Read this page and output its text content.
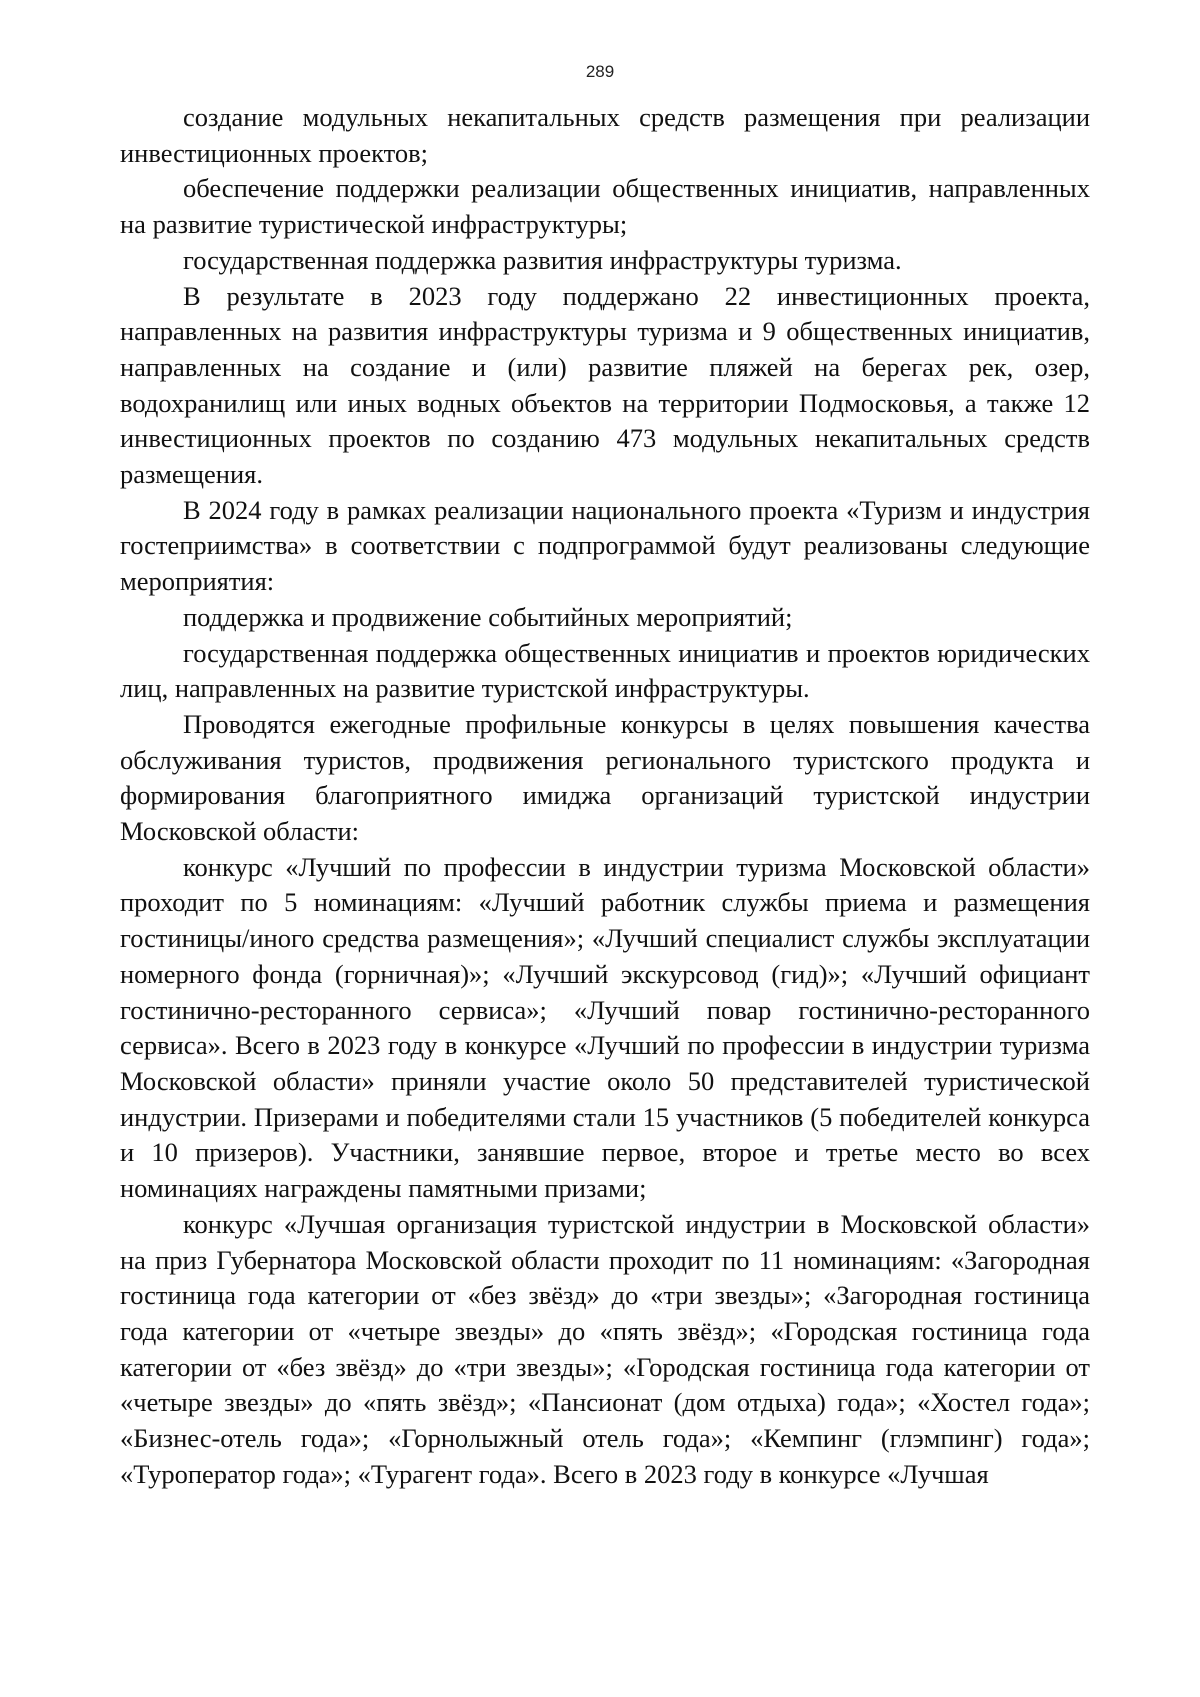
289

создание модульных некапитальных средств размещения при реализации инвестиционных проектов;

обеспечение поддержки реализации общественных инициатив, направленных на развитие туристической инфраструктуры;

государственная поддержка развития инфраструктуры туризма.

В результате в 2023 году поддержано 22 инвестиционных проекта, направленных на развития инфраструктуры туризма и 9 общественных инициатив, направленных на создание и (или) развитие пляжей на берегах рек, озер, водохранилищ или иных водных объектов на территории Подмосковья, а также 12 инвестиционных проектов по созданию 473 модульных некапитальных средств размещения.

В 2024 году в рамках реализации национального проекта «Туризм и индустрия гостеприимства» в соответствии с подпрограммой будут реализованы следующие мероприятия:

поддержка и продвижение событийных мероприятий;

государственная поддержка общественных инициатив и проектов юридических лиц, направленных на развитие туристской инфраструктуры.

Проводятся ежегодные профильные конкурсы в целях повышения качества обслуживания туристов, продвижения регионального туристского продукта и формирования благоприятного имиджа организаций туристской индустрии Московской области:

конкурс «Лучший по профессии в индустрии туризма Московской области» проходит по 5 номинациям: «Лучший работник службы приема и размещения гостиницы/иного средства размещения»; «Лучший специалист службы эксплуатации номерного фонда (горничная)»; «Лучший экскурсовод (гид)»; «Лучший официант гостинично-ресторанного сервиса»; «Лучший повар гостинично-ресторанного сервиса». Всего в 2023 году в конкурсе «Лучший по профессии в индустрии туризма Московской области» приняли участие около 50 представителей туристической индустрии. Призерами и победителями стали 15 участников (5 победителей конкурса и 10 призеров). Участники, занявшие первое, второе и третье место во всех номинациях награждены памятными призами;

конкурс «Лучшая организация туристской индустрии в Московской области» на приз Губернатора Московской области проходит по 11 номинациям: «Загородная гостиница года категории от «без звёзд» до «три звезды»; «Загородная гостиница года категории от «четыре звезды» до «пять звёзд»; «Городская гостиница года категории от «без звёзд» до «три звезды»; «Городская гостиница года категории от «четыре звезды» до «пять звёзд»; «Пансионат (дом отдыха) года»; «Хостел года»; «Бизнес-отель года»; «Горнолыжный отель года»; «Кемпинг (глэмпинг) года»; «Туроператор года»; «Турагент года». Всего в 2023 году в конкурсе «Лучшая
